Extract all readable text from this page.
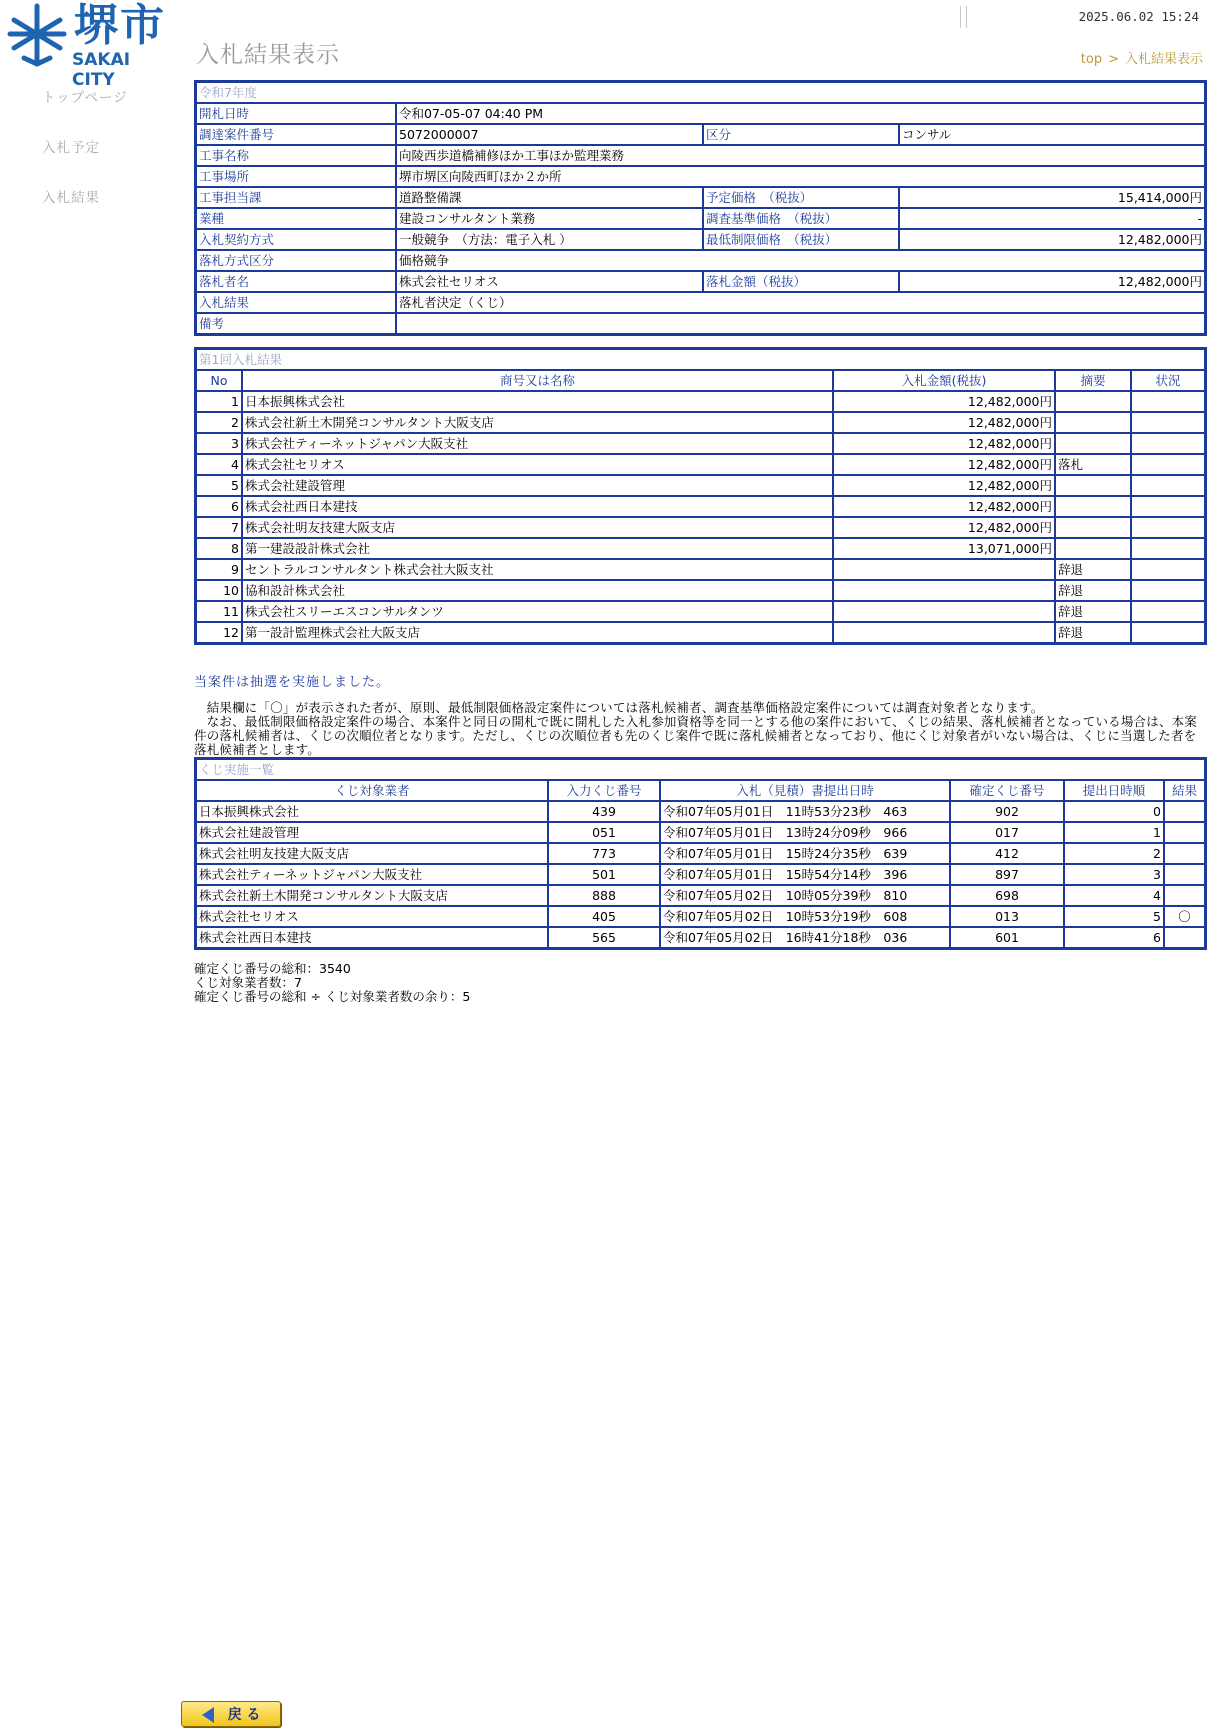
堺市
SAKAI CITY
入札結果表示
2025.06.02 15:24
top > 入札結果表示
トップページ
入札予定
入札結果
令和7年度			
開札日時	令和07-05-07 04:40 PM		
調達案件番号	5072000007	区分	コンサル
工事名称	向陵西歩道橋補修ほか工事ほか監理業務		
工事場所	堺市堺区向陵西町ほか２か所		
工事担当課	道路整備課	予定価格　（税抜）	15,414,000円
業種	建設コンサルタント業務	調査基準価格　（税抜）	-
入札契約方式	一般競争　（方法：電子入札 ）	最低制限価格　（税抜）	12,482,000円
落札方式区分	価格競争		
落札者名	株式会社セリオス	落札金額（税抜）	12,482,000円
入札結果	落札者決定（くじ）		
備考			
第1回入札結果				
No	商号又は名称	入札金額(税抜)	摘要	状況
1	日本振興株式会社	12,482,000円		
2	株式会社新土木開発コンサルタント大阪支店	12,482,000円		
3	株式会社ティーネットジャパン大阪支社	12,482,000円		
4	株式会社セリオス	12,482,000円	落札	
5	株式会社建設管理	12,482,000円		
6	株式会社西日本建技	12,482,000円		
7	株式会社明友技建大阪支店	12,482,000円		
8	第一建設設計株式会社	13,071,000円		
9	セントラルコンサルタント株式会社大阪支社		辞退	
10	協和設計株式会社		辞退	
11	株式会社スリーエスコンサルタンツ		辞退	
12	第一設計監理株式会社大阪支店		辞退	
当案件は抽選を実施しました。
　結果欄に「〇」が表示された者が、原則、最低制限価格設定案件については落札候補者、調査基準価格設定案件については調査対象者となります。
　なお、最低制限価格設定案件の場合、本案件と同日の開札で既に開札した入札参加資格等を同一とする他の案件において、くじの結果、落札候補者となっている場合は、本案件の落札候補者は、くじの次順位者となります。ただし、くじの次順位者も先のくじ案件で既に落札候補者となっており、他にくじ対象者がいない場合は、くじに当選した者を落札候補者とします。
くじ実施一覧					
くじ対象業者	入力くじ番号	入札（見積）書提出日時	確定くじ番号	提出日時順	結果
日本振興株式会社	439	令和07年05月01日　11時53分23秒　463	902	0	
株式会社建設管理	051	令和07年05月01日　13時24分09秒　966	017	1	
株式会社明友技建大阪支店	773	令和07年05月01日　15時24分35秒　639	412	2	
株式会社ティーネットジャパン大阪支社	501	令和07年05月01日　15時54分14秒　396	897	3	
株式会社新土木開発コンサルタント大阪支店	888	令和07年05月02日　10時05分39秒　810	698	4	
株式会社セリオス	405	令和07年05月02日　10時53分19秒　608	013	5	〇
株式会社西日本建技	565	令和07年05月02日　16時41分18秒　036	601	6	
確定くじ番号の総和：3540
くじ対象業者数：7
確定くじ番号の総和 ÷ くじ対象業者数の余り：5
戻 る
